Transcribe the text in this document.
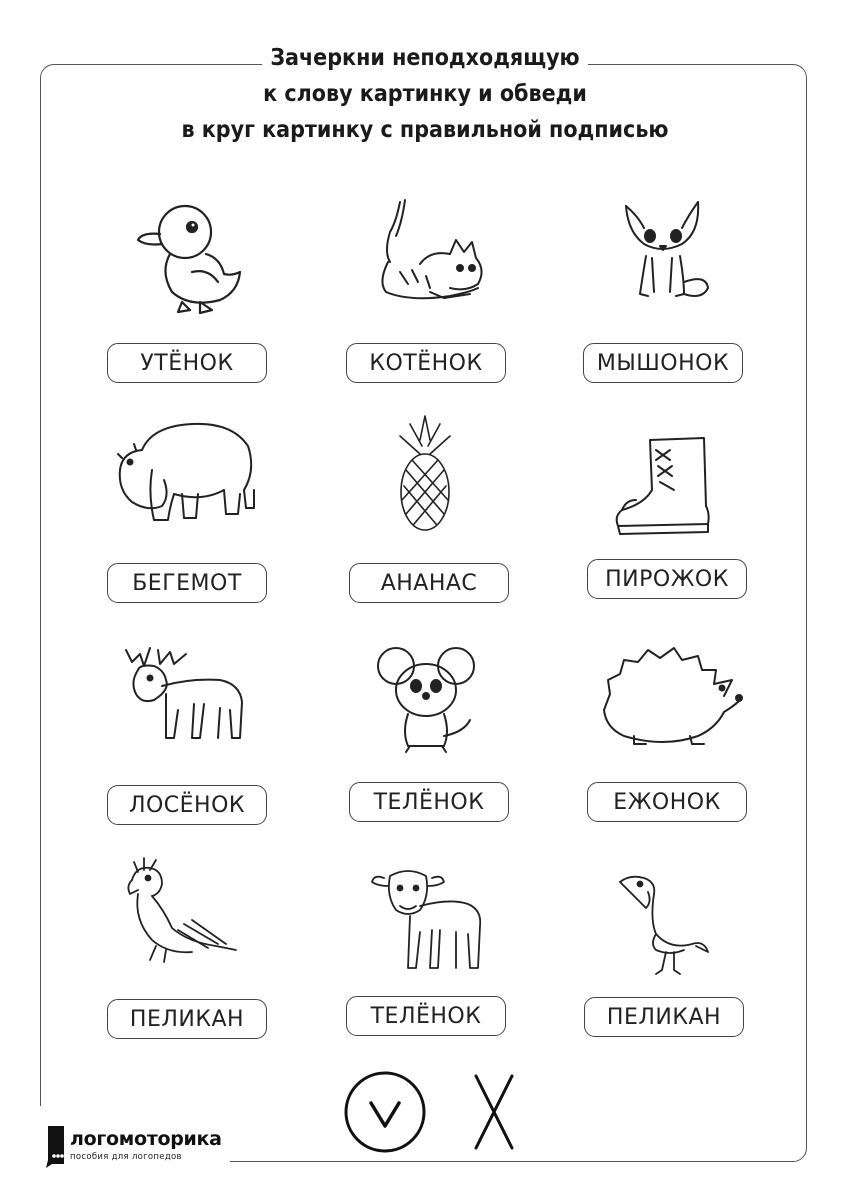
Зачеркни неподходящую
к слову картинку и обведи
в круг картинку с правильной подписью
УТЁНОК	КОТЁНОК	МЫШОНОК
БЕГЕМОТ	АНАНАС	ПИРОЖОК
ЛОСЁНОК	ТЕЛЁНОК	ЕЖОНОК
ПЕЛИКАН	ТЕЛЁНОК	ПЕЛИКАН
логомоторика
пособия для логопедов
